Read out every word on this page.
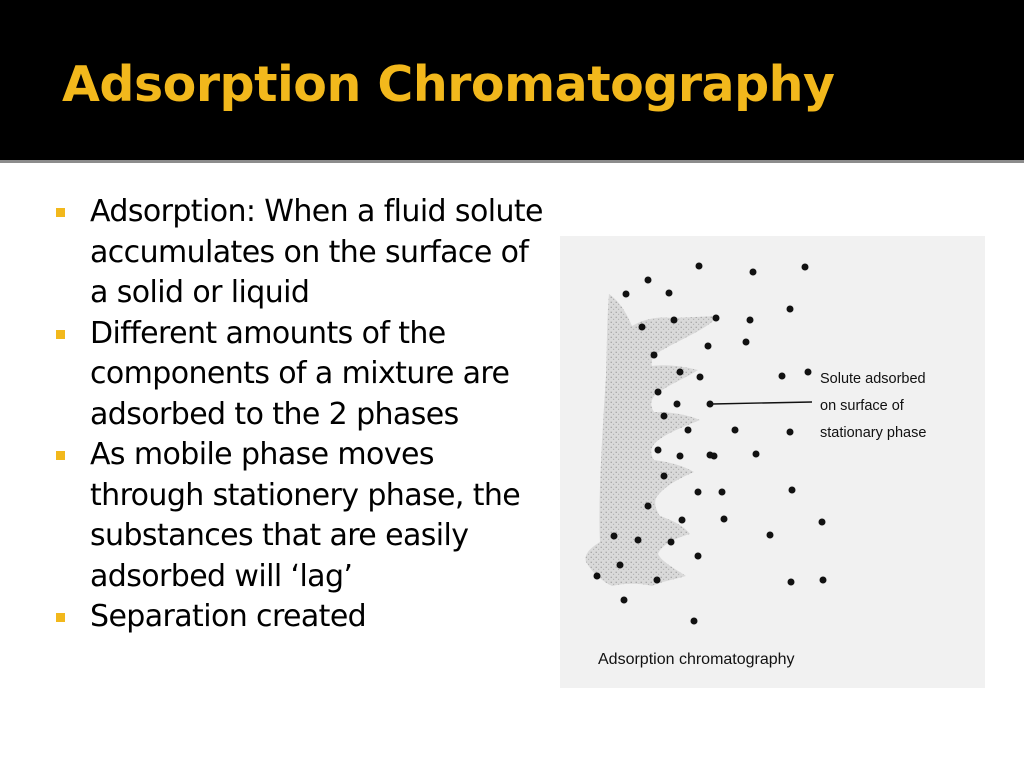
Adsorption Chromatography
Adsorption: When a fluid solute accumulates on the surface of a solid or liquid
Different amounts of the components of a mixture are adsorbed to the 2 phases
As mobile phase moves through stationery phase, the substances that are easily adsorbed will ‘lag’
Separation created
Solute adsorbed
on surface of
stationary phase
Adsorption chromatography
